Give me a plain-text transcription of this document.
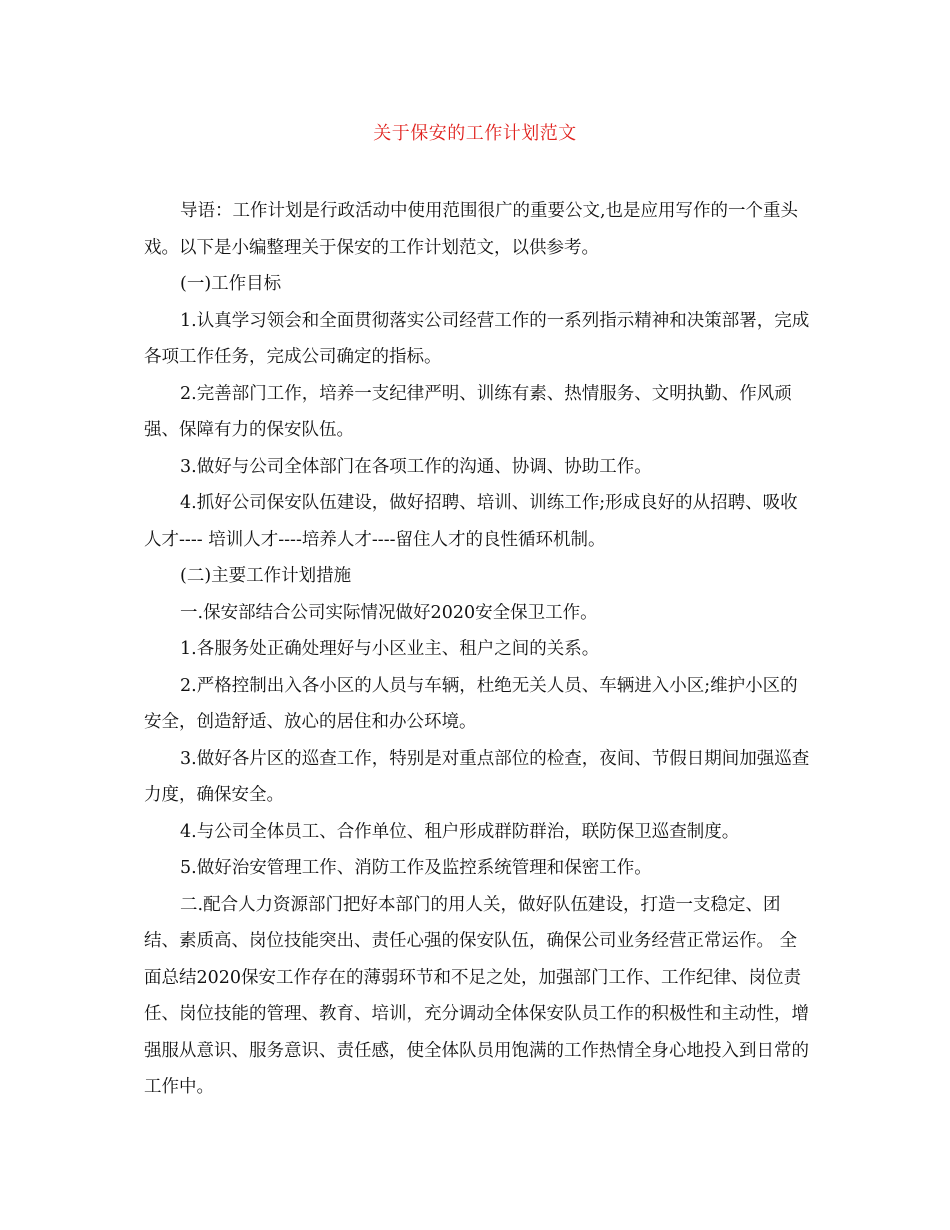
关于保安的工作计划范文

导语：工作计划是行政活动中使用范围很广的重要公文,也是应用写作的一个重头戏。以下是小编整理关于保安的工作计划范文，以供参考。

(一)工作目标

1.认真学习领会和全面贯彻落实公司经营工作的一系列指示精神和决策部署，完成各项工作任务，完成公司确定的指标。

2.完善部门工作，培养一支纪律严明、训练有素、热情服务、文明执勤、作风顽强、保障有力的保安队伍。

3.做好与公司全体部门在各项工作的沟通、协调、协助工作。

4.抓好公司保安队伍建设，做好招聘、培训、训练工作;形成良好的从招聘、吸收人才---- 培训人才----培养人才----留住人才的良性循环机制。

(二)主要工作计划措施

一.保安部结合公司实际情况做好2020安全保卫工作。

1.各服务处正确处理好与小区业主、租户之间的关系。

2.严格控制出入各小区的人员与车辆，杜绝无关人员、车辆进入小区;维护小区的安全，创造舒适、放心的居住和办公环境。

3.做好各片区的巡查工作，特别是对重点部位的检查，夜间、节假日期间加强巡查力度，确保安全。

4.与公司全体员工、合作单位、租户形成群防群治，联防保卫巡查制度。

5.做好治安管理工作、消防工作及监控系统管理和保密工作。

二.配合人力资源部门把好本部门的用人关，做好队伍建设，打造一支稳定、团结、素质高、岗位技能突出、责任心强的保安队伍，确保公司业务经营正常运作。 全面总结2020保安工作存在的薄弱环节和不足之处，加强部门工作、工作纪律、岗位责任、岗位技能的管理、教育、培训，充分调动全体保安队员工作的积极性和主动性，增强服从意识、服务意识、责任感，使全体队员用饱满的工作热情全身心地投入到日常的工作中。
